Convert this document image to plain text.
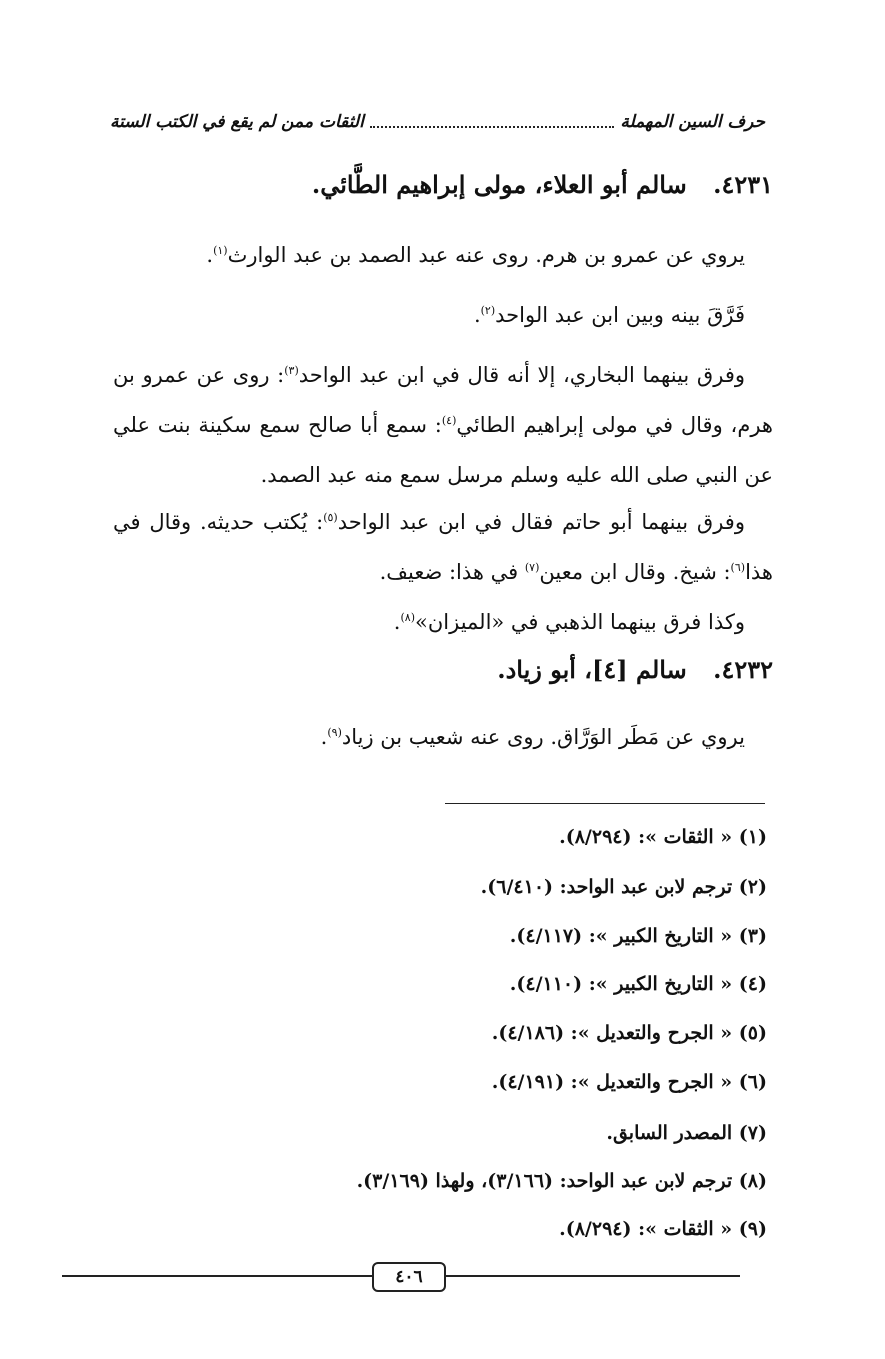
حرف السين المهملة
الثقات ممن لم يقع في الكتب الستة
٤٢٣١. سالم أبو العلاء، مولى إبراهيم الطَّائي.
يروي عن عمرو بن هرم. روى عنه عبد الصمد بن عبد الوارث$^{(١)}$.
فَرَّقَ بينه وبين ابن عبد الواحد$^{(٢)}$.
وفرق بينهما البخاري، إلا أنه قال في ابن عبد الواحد$^{(٣)}$: روى عن عمرو بن هرم، وقال في مولى إبراهيم الطائي$^{(٤)}$: سمع أبا صالح سمع سكينة بنت علي عن النبي صلى الله عليه وسلم مرسل سمع منه عبد الصمد.
وفرق بينهما أبو حاتم فقال في ابن عبد الواحد$^{(٥)}$: يُكتب حديثه. وقال في هذا$^{(٦)}$: شيخ. وقال ابن معين$^{(٧)}$ في هذا: ضعيف.
وكذا فرق بينهما الذهبي في «الميزان»$^{(٨)}$.
٤٢٣٢. سالم [٤]، أبو زياد.
يروي عن مَطَر الوَرَّاق. روى عنه شعيب بن زياد$^{(٩)}$.
(١) « الثقات »: (٨/٢٩٤).
(٢) ترجم لابن عبد الواحد: (٦/٤١٠).
(٣) « التاريخ الكبير »: (٤/١١٧).
(٤) « التاريخ الكبير »: (٤/١١٠).
(٥) « الجرح والتعديل »: (٤/١٨٦).
(٦) « الجرح والتعديل »: (٤/١٩١).
(٧) المصدر السابق.
(٨) ترجم لابن عبد الواحد: (٣/١٦٦)، ولهذا (٣/١٦٩).
(٩) « الثقات »: (٨/٢٩٤).
٤٠٦
